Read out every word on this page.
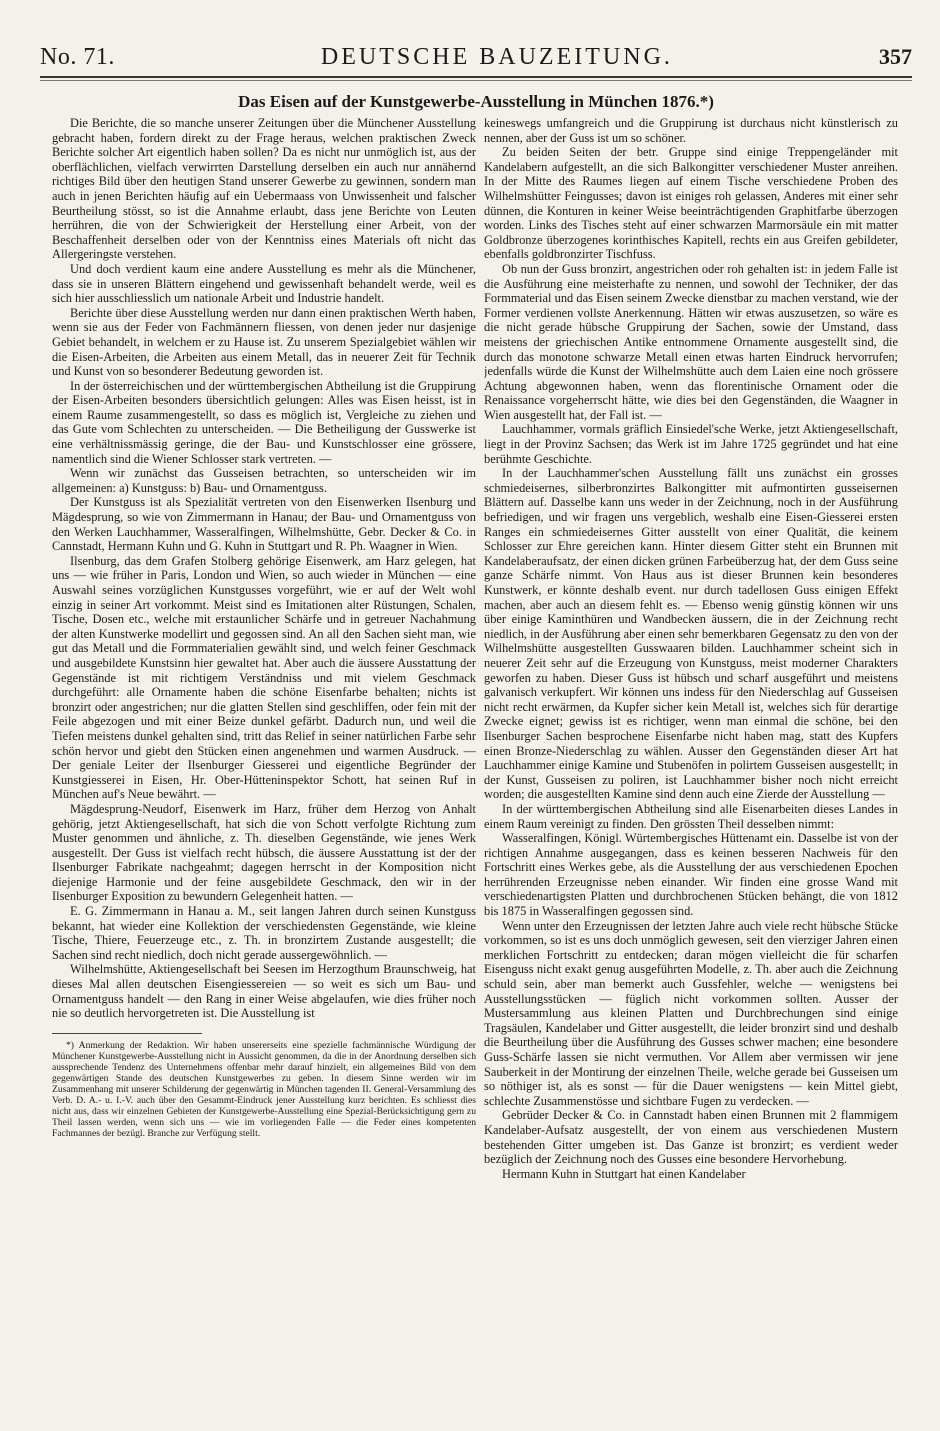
No. 71.	DEUTSCHE BAUZEITUNG.	357
Das Eisen auf der Kunstgewerbe-Ausstellung in München 1876.*)

Die Berichte, die so manche unserer Zeitungen über die Münchener Ausstellung gebracht haben, fordern direkt zu der Frage heraus, welchen praktischen Zweck Berichte solcher Art eigentlich haben sollen? Da es nicht nur unmöglich ist, aus der oberflächlichen, vielfach verwirrten Darstellung derselben ein auch nur annähernd richtiges Bild über den heutigen Stand unserer Gewerbe zu gewinnen, sondern man auch in jenen Berichten häufig auf ein Uebermaass von Unwissenheit und falscher Beurtheilung stösst, so ist die Annahme erlaubt, dass jene Berichte von Leuten herrühren, die von der Schwierigkeit der Herstellung einer Arbeit, von der Beschaffenheit derselben oder von der Kenntniss eines Materials oft nicht das Allergeringste verstehen.

Und doch verdient kaum eine andere Ausstellung es mehr als die Münchener, dass sie in unseren Blättern eingehend und gewissenhaft behandelt werde, weil es sich hier ausschliesslich um nationale Arbeit und Industrie handelt.

Berichte über diese Ausstellung werden nur dann einen praktischen Werth haben, wenn sie aus der Feder von Fachmännern fliessen, von denen jeder nur dasjenige Gebiet behandelt, in welchem er zu Hause ist. Zu unserem Spezialgebiet wählen wir die Eisen-Arbeiten, die Arbeiten aus einem Metall, das in neuerer Zeit für Technik und Kunst von so besonderer Bedeutung geworden ist.

In der österreichischen und der württembergischen Abtheilung ist die Gruppirung der Eisen-Arbeiten besonders übersichtlich gelungen: Alles was Eisen heisst, ist in einem Raume zusammengestellt, so dass es möglich ist, Vergleiche zu ziehen und das Gute vom Schlechten zu unterscheiden. — Die Betheiligung der Gusswerke ist eine verhältnissmässig geringe, die der Bau- und Kunstschlosser eine grössere, namentlich sind die Wiener Schlosser stark vertreten. —

Wenn wir zunächst das Gusseisen betrachten, so unterscheiden wir im allgemeinen: a) Kunstguss: b) Bau- und Ornamentguss.

Der Kunstguss ist als Spezialität vertreten von den Eisenwerken Ilsenburg und Mägdesprung, so wie von Zimmermann in Hanau; der Bau- und Ornamentguss von den Werken Lauchhammer, Wasseralfingen, Wilhelmshütte, Gebr. Decker & Co. in Cannstadt, Hermann Kuhn und G. Kuhn in Stuttgart und R. Ph. Waagner in Wien.

Ilsenburg, das dem Grafen Stolberg gehörige Eisenwerk, am Harz gelegen, hat uns — wie früher in Paris, London und Wien, so auch wieder in München — eine Auswahl seines vorzüglichen Kunstgusses vorgeführt, wie er auf der Welt wohl einzig in seiner Art vorkommt. Meist sind es Imitationen alter Rüstungen, Schalen, Tische, Dosen etc., welche mit erstaunlicher Schärfe und in getreuer Nachahmung der alten Kunstwerke modellirt und gegossen sind. An all den Sachen sieht man, wie gut das Metall und die Formmaterialien gewählt sind, und welch feiner Geschmack und ausgebildete Kunstsinn hier gewaltet hat. Aber auch die äussere Ausstattung der Gegenstände ist mit richtigem Verständniss und mit vielem Geschmack durchgeführt: alle Ornamente haben die schöne Eisenfarbe behalten; nichts ist bronzirt oder angestrichen; nur die glatten Stellen sind geschliffen, oder fein mit der Feile abgezogen und mit einer Beize dunkel gefärbt. Dadurch nun, und weil die Tiefen meistens dunkel gehalten sind, tritt das Relief in seiner natürlichen Farbe sehr schön hervor und giebt den Stücken einen angenehmen und warmen Ausdruck. — Der geniale Leiter der Ilsenburger Giesserei und eigentliche Begründer der Kunstgiesserei in Eisen, Hr. Ober-Hütteninspektor Schott, hat seinen Ruf in München auf's Neue bewährt. —

Mägdesprung-Neudorf, Eisenwerk im Harz, früher dem Herzog von Anhalt gehörig, jetzt Aktiengesellschaft, hat sich die von Schott verfolgte Richtung zum Muster genommen und ähnliche, z. Th. dieselben Gegenstände, wie jenes Werk ausgestellt. Der Guss ist vielfach recht hübsch, die äussere Ausstattung ist der der Ilsenburger Fabrikate nachgeahmt; dagegen herrscht in der Komposition nicht diejenige Harmonie und der feine ausgebildete Geschmack, den wir in der Ilsenburger Exposition zu bewundern Gelegenheit hatten. —

E. G. Zimmermann in Hanau a. M., seit langen Jahren durch seinen Kunstguss bekannt, hat wieder eine Kollektion der verschiedensten Gegenstände, wie kleine Tische, Thiere, Feuerzeuge etc., z. Th. in bronzirtem Zustande ausgestellt; die Sachen sind recht niedlich, doch nicht gerade aussergewöhnlich. —

Wilhelmshütte, Aktiengesellschaft bei Seesen im Herzogthum Braunschweig, hat dieses Mal allen deutschen Eisengiessereien — so weit es sich um Bau- und Ornamentguss handelt — den Rang in einer Weise abgelaufen, wie dies früher noch nie so deutlich hervorgetreten ist. Die Ausstellung ist

*) Anmerkung der Redaktion. Wir haben unsererseits eine spezielle fachmännische Würdigung der Münchener Kunstgewerbe-Ausstellung nicht in Aussicht genommen, da die in der Anordnung derselben sich aussprechende Tendenz des Unternehmens offenbar mehr darauf hinzielt, ein allgemeines Bild von dem gegenwärtigen Stande des deutschen Kunstgewerbes zu geben. In diesem Sinne werden wir im Zusammenhang mit unserer Schilderung der gegenwärtig in München tagenden II. General-Versammlung des Verb. D. A.- u. I.-V. auch über den Gesammt-Eindruck jener Ausstellung kurz berichten. Es schliesst dies nicht aus, dass wir einzelnen Gebieten der Kunstgewerbe-Ausstellung eine Spezial-Berücksichtigung gern zu Theil lassen werden, wenn sich uns — wie im vorliegenden Falle — die Feder eines kompetenten Fachmannes der bezügl. Branche zur Verfügung stellt.

keineswegs umfangreich und die Gruppirung ist durchaus nicht künstlerisch zu nennen, aber der Guss ist um so schöner.

Zu beiden Seiten der betr. Gruppe sind einige Treppengeländer mit Kandelabern aufgestellt, an die sich Balkongitter verschiedener Muster anreihen. In der Mitte des Raumes liegen auf einem Tische verschiedene Proben des Wilhelmshütter Feingusses; davon ist einiges roh gelassen, Anderes mit einer sehr dünnen, die Konturen in keiner Weise beeinträchtigenden Graphitfarbe überzogen worden. Links des Tisches steht auf einer schwarzen Marmorsäule ein mit matter Goldbronze überzogenes korinthisches Kapitell, rechts ein aus Greifen gebildeter, ebenfalls goldbronzirter Tischfuss.

Ob nun der Guss bronzirt, angestrichen oder roh gehalten ist: in jedem Falle ist die Ausführung eine meisterhafte zu nennen, und sowohl der Techniker, der das Formmaterial und das Eisen seinem Zwecke dienstbar zu machen verstand, wie der Former verdienen vollste Anerkennung. Hätten wir etwas auszusetzen, so wäre es die nicht gerade hübsche Gruppirung der Sachen, sowie der Umstand, dass meistens der griechischen Antike entnommene Ornamente ausgestellt sind, die durch das monotone schwarze Metall einen etwas harten Eindruck hervorrufen; jedenfalls würde die Kunst der Wilhelmshütte auch dem Laien eine noch grössere Achtung abgewonnen haben, wenn das florentinische Ornament oder die Renaissance vorgeherrscht hätte, wie dies bei den Gegenständen, die Waagner in Wien ausgestellt hat, der Fall ist. —

Lauchhammer, vormals gräflich Einsiedel'sche Werke, jetzt Aktiengesellschaft, liegt in der Provinz Sachsen; das Werk ist im Jahre 1725 gegründet und hat eine berühmte Geschichte.

In der Lauchhammer'schen Ausstellung fällt uns zunächst ein grosses schmiedeisernes, silberbronzirtes Balkongitter mit aufmontirten gusseisernen Blättern auf. Dasselbe kann uns weder in der Zeichnung, noch in der Ausführung befriedigen, und wir fragen uns vergeblich, weshalb eine Eisen-Giesserei ersten Ranges ein schmiedeisernes Gitter ausstellt von einer Qualität, die keinem Schlosser zur Ehre gereichen kann. Hinter diesem Gitter steht ein Brunnen mit Kandelaberaufsatz, der einen dicken grünen Farbeüberzug hat, der dem Guss seine ganze Schärfe nimmt. Von Haus aus ist dieser Brunnen kein besonderes Kunstwerk, er könnte deshalb event. nur durch tadellosen Guss einigen Effekt machen, aber auch an diesem fehlt es. — Ebenso wenig günstig können wir uns über einige Kaminthüren und Wandbecken äussern, die in der Zeichnung recht niedlich, in der Ausführung aber einen sehr bemerkbaren Gegensatz zu den von der Wilhelmshütte ausgestellten Gusswaaren bilden. Lauchhammer scheint sich in neuerer Zeit sehr auf die Erzeugung von Kunstguss, meist moderner Charakters geworfen zu haben. Dieser Guss ist hübsch und scharf ausgeführt und meistens galvanisch verkupfert. Wir können uns indess für den Niederschlag auf Gusseisen nicht recht erwärmen, da Kupfer sicher kein Metall ist, welches sich für derartige Zwecke eignet; gewiss ist es richtiger, wenn man einmal die schöne, bei den Ilsenburger Sachen besprochene Eisenfarbe nicht haben mag, statt des Kupfers einen Bronze-Niederschlag zu wählen. Ausser den Gegenständen dieser Art hat Lauchhammer einige Kamine und Stubenöfen in polirtem Gusseisen ausgestellt; in der Kunst, Gusseisen zu poliren, ist Lauchhammer bisher noch nicht erreicht worden; die ausgestellten Kamine sind denn auch eine Zierde der Ausstellung —

In der württembergischen Abtheilung sind alle Eisenarbeiten dieses Landes in einem Raum vereinigt zu finden. Den grössten Theil desselben nimmt:

Wasseralfingen, Königl. Würtembergisches Hüttenamt ein. Dasselbe ist von der richtigen Annahme ausgegangen, dass es keinen besseren Nachweis für den Fortschritt eines Werkes gebe, als die Ausstellung der aus verschiedenen Epochen herrührenden Erzeugnisse neben einander. Wir finden eine grosse Wand mit verschiedenartigsten Platten und durchbrochenen Stücken behängt, die von 1812 bis 1875 in Wasseralfingen gegossen sind.

Wenn unter den Erzeugnissen der letzten Jahre auch viele recht hübsche Stücke vorkommen, so ist es uns doch unmöglich gewesen, seit den vierziger Jahren einen merklichen Fortschritt zu entdecken; daran mögen vielleicht die für scharfen Eisenguss nicht exakt genug ausgeführten Modelle, z. Th. aber auch die Zeichnung schuld sein, aber man bemerkt auch Gussfehler, welche — wenigstens bei Ausstellungsstücken — füglich nicht vorkommen sollten. Ausser der Mustersammlung aus kleinen Platten und Durchbrechungen sind einige Tragsäulen, Kandelaber und Gitter ausgestellt, die leider bronzirt sind und deshalb die Beurtheilung über die Ausführung des Gusses schwer machen; eine besondere Guss-Schärfe lassen sie nicht vermuthen. Vor Allem aber vermissen wir jene Sauberkeit in der Montirung der einzelnen Theile, welche gerade bei Gusseisen um so nöthiger ist, als es sonst — für die Dauer wenigstens — kein Mittel giebt, schlechte Zusammenstösse und sichtbare Fugen zu verdecken. —

Gebrüder Decker & Co. in Cannstadt haben einen Brunnen mit 2 flammigem Kandelaber-Aufsatz ausgestellt, der von einem aus verschiedenen Mustern bestehenden Gitter umgeben ist. Das Ganze ist bronzirt; es verdient weder bezüglich der Zeichnung noch des Gusses eine besondere Hervorhebung.

Hermann Kuhn in Stuttgart hat einen Kandelaber
